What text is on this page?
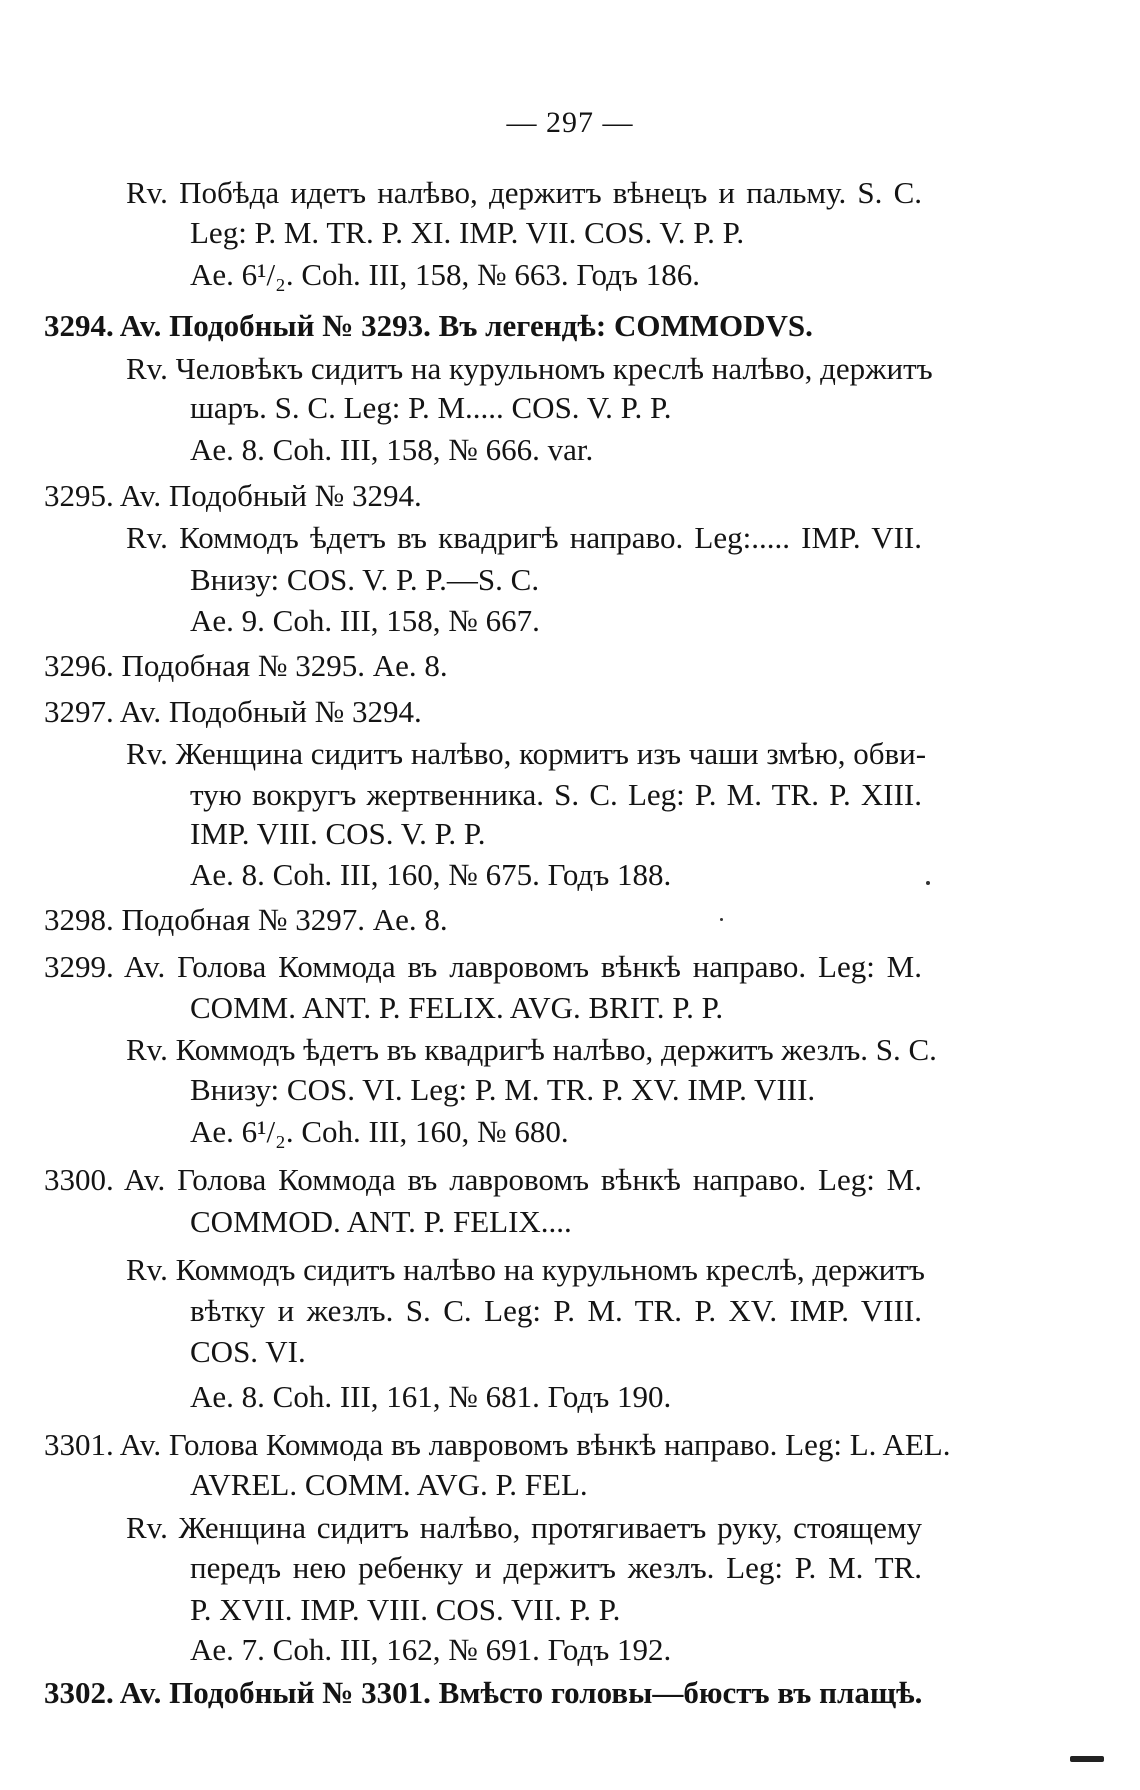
— 297 —
Rv. Побѣда идетъ налѣво, держитъ вѣнецъ и пальму. S. C.
Leg: P. M. TR. P. XI. IMP. VII. COS. V. P. P.
Ae. 6¹/₂. Coh. III, 158, № 663. Годъ 186.
3294. Av. Подобный № 3293. Въ легендѣ: COMMODVS.
Rv. Человѣкъ сидитъ на курульномъ креслѣ налѣво, держитъ
шаръ. S. C. Leg: P. M..... COS. V. P. P.
Ae. 8. Coh. III, 158, № 666. var.
3295. Av. Подобный № 3294.
Rv. Коммодъ ѣдетъ въ квадригѣ направо. Leg:..... IMP. VII.
Внизу: COS. V. P. P.—S. C.
Ae. 9. Coh. III, 158, № 667.
3296. Подобная № 3295. Ae. 8.
3297. Av. Подобный № 3294.
Rv. Женщина сидитъ налѣво, кормитъ изъ чаши змѣю, обви-
тую вокругъ жертвенника. S. C. Leg: P. M. TR. P. XIII.
IMP. VIII. COS. V. P. P.
Ae. 8. Coh. III, 160, № 675. Годъ 188.
3298. Подобная № 3297. Ae. 8.
3299. Av. Голова Коммода въ лавровомъ вѣнкѣ направо. Leg: M.
COMM. ANT. P. FELIX. AVG. BRIT. P. P.
Rv. Коммодъ ѣдетъ въ квадригѣ налѣво, держитъ жезлъ. S. C.
Внизу: COS. VI. Leg: P. M. TR. P. XV. IMP. VIII.
Ae. 6¹/₂. Coh. III, 160, № 680.
3300. Av. Голова Коммода въ лавровомъ вѣнкѣ направо. Leg: M.
COMMOD. ANT. P. FELIX....
Rv. Коммодъ сидитъ налѣво на курульномъ креслѣ, держитъ
вѣтку и жезлъ. S. C. Leg: P. M. TR. P. XV. IMP. VIII.
COS. VI.
Ae. 8. Coh. III, 161, № 681. Годъ 190.
3301. Av. Голова Коммода въ лавровомъ вѣнкѣ направо. Leg: L. AEL.
AVREL. COMM. AVG. P. FEL.
Rv. Женщина сидитъ налѣво, протягиваетъ руку, стоящему
передъ нею ребенку и держитъ жезлъ. Leg: P. M. TR.
P. XVII. IMP. VIII. COS. VII. P. P.
Ae. 7. Coh. III, 162, № 691. Годъ 192.
3302. Av. Подобный № 3301. Вмѣсто головы—бюстъ въ плащѣ.
